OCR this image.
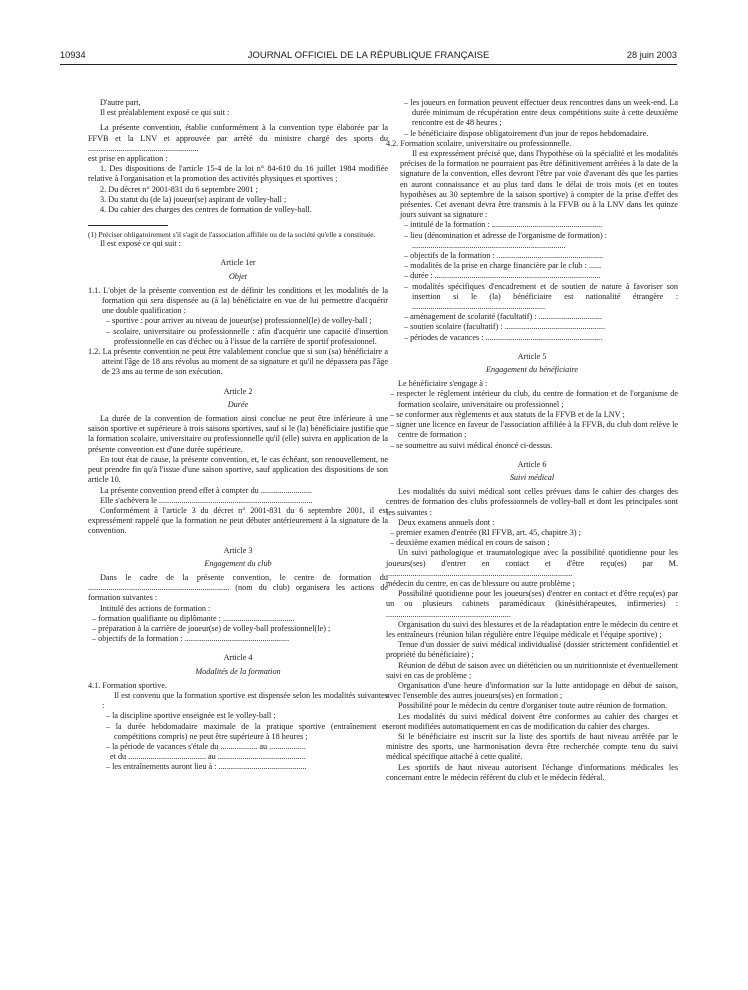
10934	JOURNAL OFFICIEL DE LA RÉPUBLIQUE FRANÇAISE	28 juin 2003

D'autre part,

Il est préalablement exposé ce qui suit :

La présente convention, établie conformément à la convention type élaborée par la FFVB et la LNV et approuvée par arrêté du ministre chargé des sports du ......................................................

est prise en application :

1. Des dispositions de l'article 15-4 de la loi n° 84-610 du 16 juillet 1984 modifiée relative à l'organisation et la promotion des activités physiques et sportives ;

2. Du décret n° 2001-831 du 6 septembre 2001 ;

3. Du statut du (de la) joueur(se) aspirant de volley-ball ;

4. Du cahier des charges des centres de formation de volley-ball.

(1) Préciser obligatoirement s'il s'agit de l'association affiliée ou de la société qu'elle a constituée.

Il est exposé ce qui suit :

Article 1er

Objet

1.1. L'objet de la présente convention est de définir les conditions et les modalités de la formation qui sera dispensée au (à la) bénéficiaire en vue de lui permettre d'acquérir une double qualification :

– sportive : pour arriver au niveau de joueur(se) professionnel(le) de volley-ball ;

– scolaire, universitaire ou professionnelle : afin d'acquérir une capacité d'insertion professionnelle en cas d'échec ou à l'issue de la carrière de sportif professionnel.

1.2. La présente convention ne peut être valablement conclue que si son (sa) bénéficiaire a atteint l'âge de 18 ans révolus au moment de sa signature et qu'il ne dépassera pas l'âge de 23 ans au terme de son exécution.

Article 2

Durée

La durée de la convention de formation ainsi conclue ne peut être inférieure à une saison sportive et supérieure à trois saisons sportives, sauf si le (la) bénéficiaire justifie que la formation scolaire, universitaire ou professionnelle qu'il (elle) suivra en application de la présente convention est d'une durée supérieure.

En tout état de cause, la présente convention, et, le cas échéant, son renouvellement, ne peut prendre fin qu'à l'issue d'une saison sportive, sauf application des dispositions de son article 10.

La présente convention prend effet à compter du .........................

Elle s'achèvera le ...........................................................................

Conformément à l'article 3 du décret n° 2001-831 du 6 septembre 2001, il est expressément rappelé que la formation ne peut débuter antérieurement à la signature de la convention.

Article 3

Engagement du club

Dans le cadre de la présente convention, le centre de formation du ..................................................................... (nom du club) organisera les actions de formation suivantes :

Intitulé des actions de formation :

– formation qualifiante ou diplômante : ...................................

– préparation à la carrière de joueur(se) de volley-ball professionnel(le) ;

– objectifs de la formation : ...................................................

Article 4

Modalités de la formation

4.1. Formation sportive.

Il est convenu que la formation sportive est dispensée selon les modalités suivantes :

– la discipline sportive enseignée est le volley-ball ;

– la durée hebdomadaire maximale de la pratique sportive (entraînement et compétitions compris) ne peut être supérieure à 18 heures ;

– la période de vacances s'étale du .................. au ..................

et du ...................................... au ...........................................

– les entraînements auront lieu à : ...........................................

– les joueurs en formation peuvent effectuer deux rencontres dans un week-end. La durée minimum de récupération entre deux compétitions suite à cette deuxième rencontre est de 48 heures ;

– le bénéficiaire dispose obligatoirement d'un jour de repos hebdomadaire.

4.2. Formation scolaire, universitaire ou professionnelle.

Il est expressément précisé que, dans l'hypothèse où la spécialité et les modalités précises de la formation ne pourraient pas être définitivement arrêtées à la date de la signature de la convention, elles devront l'être par voie d'avenant dès que les parties en auront connaissance et au plus tard dans le délai de trois mois (et en toutes hypothèses au 30 septembre de la saison sportive) à compter de la prise d'effet des présentes. Cet avenant devra être transmis à la FFVB ou à la LNV dans les quinze jours suivant sa signature :

– intitulé de la formation : ......................................................

– lieu (dénomination et adresse de l'organisme de formation) : ...........................................................................

– objectifs de la formation : ....................................................

– modalités de la prise en charge financière par le club : ......

– durée : .................................................................................

– modalités spécifiques d'encadrement et de soutien de nature à favoriser son insertion si le (la) bénéficiaire est nationalité étrangère : .................................................................

– aménagement de scolarité (facultatif) : ...............................

– soutien scolaire (facultatif) : .................................................

– périodes de vacances : .........................................................

Article 5

Engagement du bénéficiaire

Le bénéficiaire s'engage à :

– respecter le règlement intérieur du club, du centre de formation et de l'organisme de formation scolaire, universitaire ou professionnel ;

– se conformer aux règlements et aux statuts de la FFVB et de la LNV ;

– signer une licence en faveur de l'association affiliée à la FFVB, du club dont relève le centre de formation ;

– se soumettre au suivi médical énoncé ci-dessus.

Article 6

Suivi médical

Les modalités du suivi médical sont celles prévues dans le cahier des charges des centres de formation des clubs professionnels de volley-ball et dont les principales sont les suivantes :

Deux examens annuels dont :

– premier examen d'entrée (RI FFVB, art. 45, chapitre 3) ;

– deuxième examen médical en cours de saison ;

Un suivi pathologique et traumatologique avec la possibilité quotidienne pour les joueurs(ses) d'entrer en contact et d'être reçu(es) par M. ...........................................................................................

médecin du centre, en cas de blessure ou autre problème ;

Possibilité quotidienne pour les joueurs(ses) d'entrer en contact et d'être reçu(es) par un ou plusieurs cabinets paramédicaux (kinésithérapeutes, infirmeries) : .............................................................

Organisation du suivi des blessures et de la réadaptation entre le médecin du centre et les entraîneurs (réunion bilan régulière entre l'équipe médicale et l'équipe sportive) ;

Tenue d'un dossier de suivi médical individualisé (dossier strictement confidentiel et propriété du bénéficiaire) ;

Réunion de début de saison avec un diététicien ou un nutritionniste et éventuellement suivi en cas de problème ;

Organisation d'une heure d'information sur la lutte antidopage en début de saison, avec l'ensemble des autres joueurs(ses) en formation ;

Possibilité pour le médecin du centre d'organiser toute autre réunion de formation.

Les modalités du suivi médical doivent être conformes au cahier des charges et seront modifiées automatiquement en cas de modification du cahier des charges.

Si le bénéficiaire est inscrit sur la liste des sportifs de haut niveau arrêtée par le ministre des sports, une harmonisation devra être recherchée compte tenu du suivi médical spécifique attaché à cette qualité.

Les sportifs de haut niveau autorisent l'échange d'informations médicales les concernant entre le médecin référent du club et le médecin fédéral.
